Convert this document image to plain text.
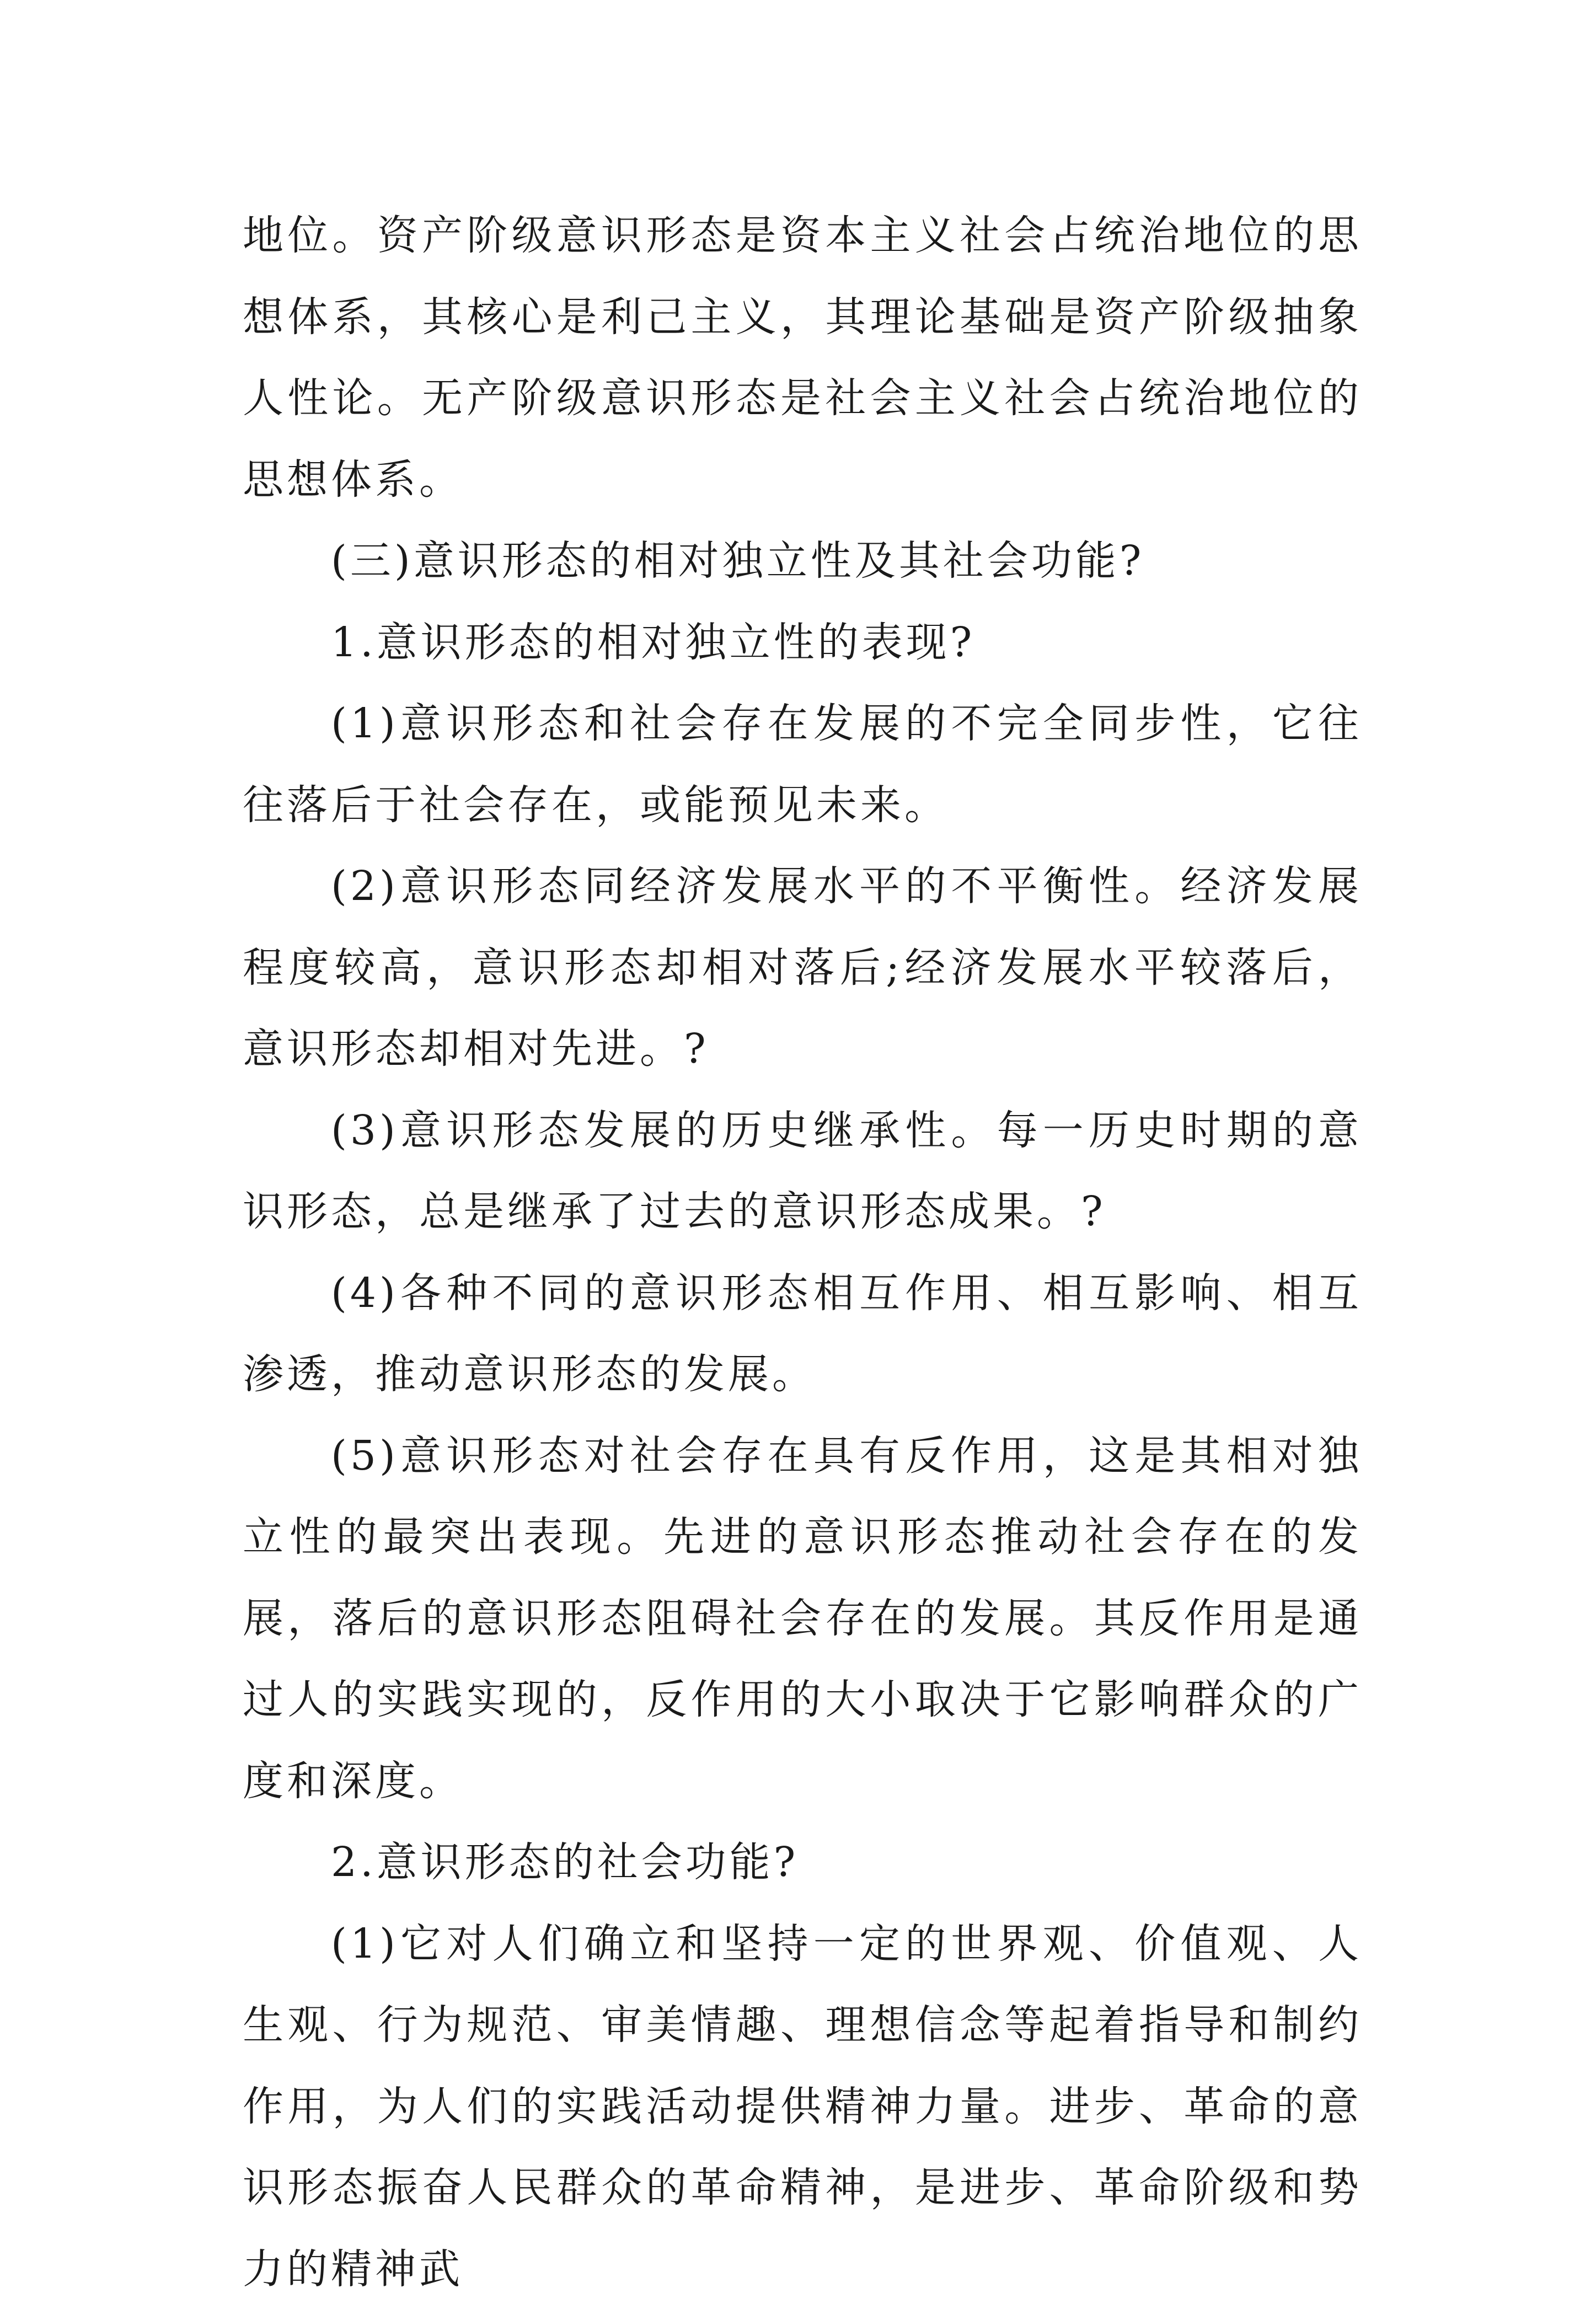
地位。资产阶级意识形态是资本主义社会占统治地位的思想体系，其核心是利己主义，其理论基础是资产阶级抽象人性论。无产阶级意识形态是社会主义社会占统治地位的思想体系。

(三)意识形态的相对独立性及其社会功能?

1.意识形态的相对独立性的表现?

(1)意识形态和社会存在发展的不完全同步性，它往往落后于社会存在，或能预见未来。

(2)意识形态同经济发展水平的不平衡性。经济发展程度较高，意识形态却相对落后;经济发展水平较落后，意识形态却相对先进。?

(3)意识形态发展的历史继承性。每一历史时期的意识形态，总是继承了过去的意识形态成果。?

(4)各种不同的意识形态相互作用、相互影响、相互渗透，推动意识形态的发展。

(5)意识形态对社会存在具有反作用，这是其相对独立性的最突出表现。先进的意识形态推动社会存在的发展，落后的意识形态阻碍社会存在的发展。其反作用是通过人的实践实现的，反作用的大小取决于它影响群众的广度和深度。

2.意识形态的社会功能?

(1)它对人们确立和坚持一定的世界观、价值观、人生观、行为规范、审美情趣、理想信念等起着指导和制约作用，为人们的实践活动提供精神力量。进步、革命的意识形态振奋人民群众的革命精神，是进步、革命阶级和势力的精神武
